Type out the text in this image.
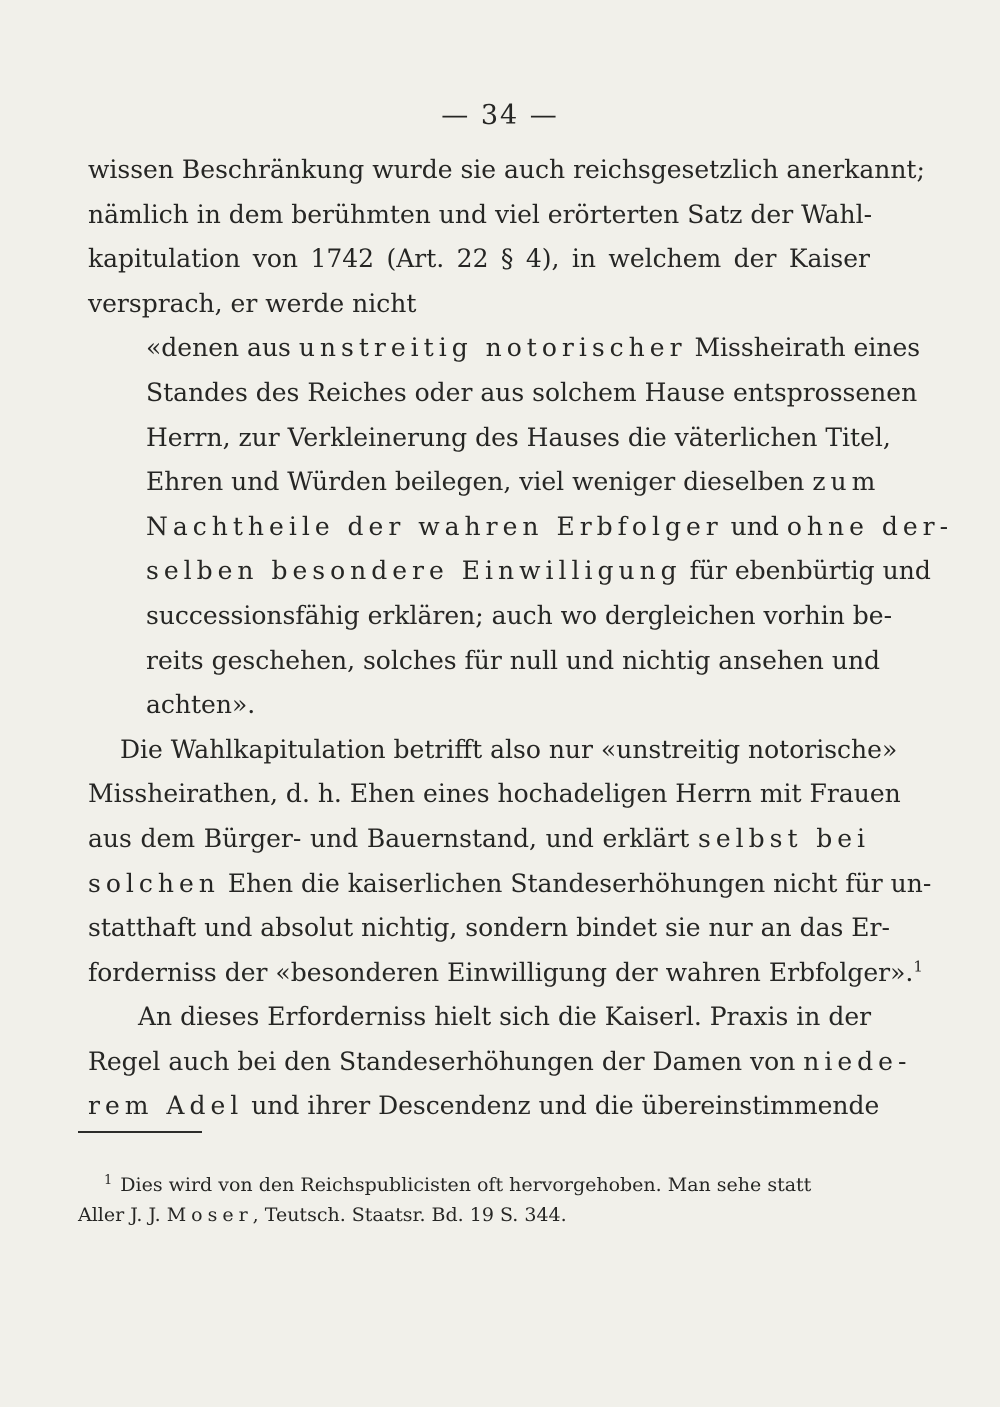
— 34 —
wissen Beschränkung wurde sie auch reichsgesetzlich anerkannt;
nämlich in dem berühmten und viel erörterten Satz der Wahl-
kapitulation von 1742 (Art. 22 § 4), in welchem der Kaiser
versprach, er werde nicht
«denen aus unstreitig notorischer Missheirath eines
Standes des Reiches oder aus solchem Hause entsprossenen
Herrn, zur Verkleinerung des Hauses die väterlichen Titel,
Ehren und Würden beilegen, viel weniger dieselben zum
Nachtheile der wahren Erbfolger und ohne der-
selben besondere Einwilligung für ebenbürtig und
successionsfähig erklären; auch wo dergleichen vorhin be-
reits geschehen, solches für null und nichtig ansehen und
achten».
Die Wahlkapitulation betrifft also nur «unstreitig notorische»
Missheirathen, d. h. Ehen eines hochadeligen Herrn mit Frauen
aus dem Bürger- und Bauernstand, und erklärt selbst bei
solchen Ehen die kaiserlichen Standeserhöhungen nicht für un-
statthaft und absolut nichtig, sondern bindet sie nur an das Er-
forderniss der «besonderen Einwilligung der wahren Erbfolger».$^1$
An dieses Erforderniss hielt sich die Kaiserl. Praxis in der
Regel auch bei den Standeserhöhungen der Damen von niede-
rem Adel und ihrer Descendenz und die übereinstimmende
$^1$ Dies wird von den Reichspublicisten oft hervorgehoben. Man sehe statt
Aller J. J. Moser, Teutsch. Staatsr. Bd. 19 S. 344.
